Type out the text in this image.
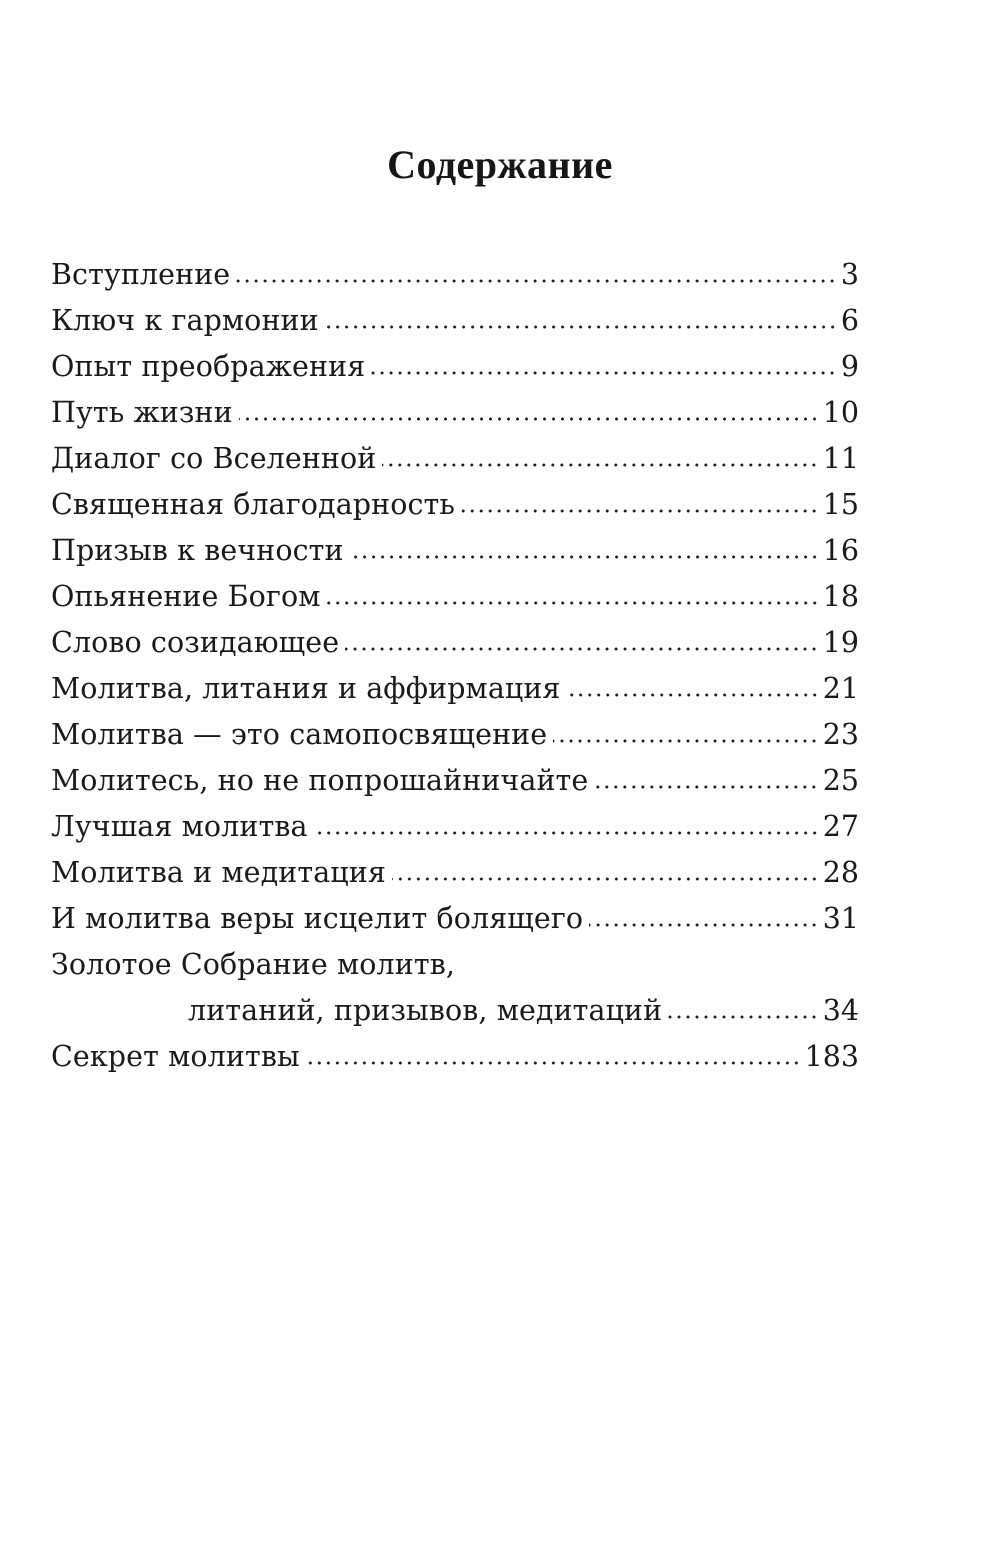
Содержание
Вступление	3
Ключ к гармонии	6
Опыт преображения	9
Путь жизни	10
Диалог со Вселенной	11
Священная благодарность	15
Призыв к вечности	16
Опьянение Богом	18
Слово созидающее	19
Молитва, литания и аффирмация	21
Молитва — это самопосвящение	23
Молитесь, но не попрошайничайте	25
Лучшая молитва	27
Молитва и медитация	28
И молитва веры исцелит болящего	31
Золотое Собрание молитв,
литаний, призывов, медитаций	34
Секрет молитвы	183
